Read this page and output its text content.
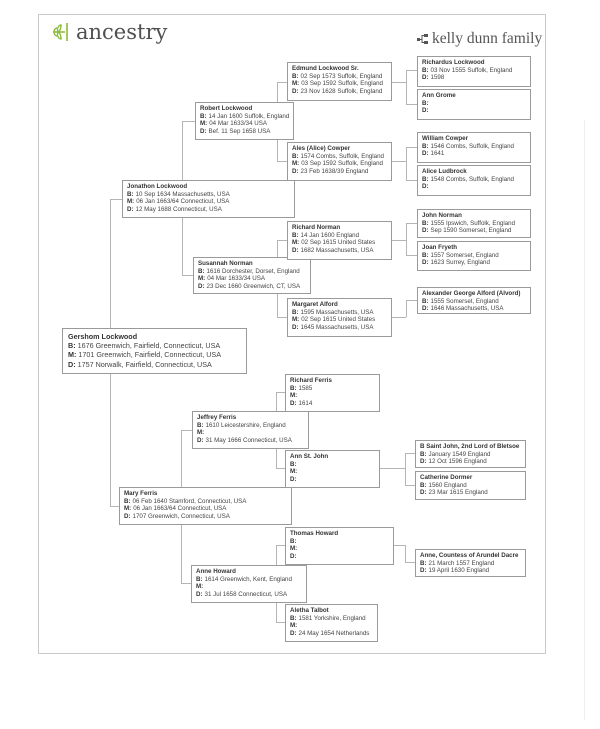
ancestry	kelly dunn family
Gershom Lockwood
B: 1676 Greenwich, Fairfield, Connecticut, USA
M: 1701 Greenwich, Fairfield, Connecticut, USA
D: 1757 Norwalk, Fairfield, Connecticut, USA
Jonathon Lockwood
B: 10 Sep 1634 Massachusetts, USA
M: 06 Jan 1663/64 Connecticut, USA
D: 12 May 1688 Connecticut, USA
Mary Ferris
B: 06 Feb 1640 Stamford, Connecticut, USA
M: 06 Jan 1663/64 Connecticut, USA
D: 1707 Greenwich, Connecticut, USA
Robert Lockwood
B: 14 Jan 1600 Suffolk, England
M: 04 Mar 1633/34 USA
D: Bef. 11 Sep 1658 USA
Susannah Norman
B: 1616 Dorchester, Dorset, England
M: 04 Mar 1633/34 USA
D: 23 Dec 1660 Greenwich, CT, USA
Jeffrey Ferris
B: 1610 Leicestershire, England
M:
D: 31 May 1666 Connecticut, USA
Anne Howard
B: 1614 Greenwich, Kent, England
M:
D: 31 Jul 1658 Connecticut, USA
Edmund Lockwood Sr.
B: 02 Sep 1573 Suffolk, England
M: 03 Sep 1592 Suffolk, England
D: 23 Nov 1628 Suffolk, England
Ales (Alice) Cowper
B: 1574 Combs, Suffolk, England
M: 03 Sep 1592 Suffolk, England
D: 23 Feb 1638/39 England
Richard Norman
B: 14 Jan 1600 England
M: 02 Sep 1615 United States
D: 1682 Massachusetts, USA
Margaret Alford
B: 1595 Massachusetts, USA
M: 02 Sep 1615 United States
D: 1645 Massachusetts, USA
Richard Ferris
B: 1585
M:
D: 1614
Ann St. John
B:
M:
D:
Thomas Howard
B:
M:
D:
Aletha Talbot
B: 1581 Yorkshire, England
M:
D: 24 May 1654 Netherlands
Richardus Lockwood
B: 03 Nov 1555 Suffolk, England
D: 1598
Ann Grome
B:
D:
William Cowper
B: 1546 Combs, Suffolk, England
D: 1641
Alice Ludbrock
B: 1548 Combs, Suffolk, England
D:
John Norman
B: 1555 Ipswich, Suffolk, England
D: Sep 1590 Somerset, England
Joan Fryeth
B: 1557 Somerset, England
D: 1623 Surrey, England
Alexander George Alford (Alvord)
B: 1555 Somerset, England
D: 1646 Massachusetts, USA
B Saint John, 2nd Lord of Bletsoe
B: January 1549 England
D: 12 Oct 1596 England
Catherine Dormer
B: 1560 England
D: 23 Mar 1615 England
Anne, Countess of Arundel Dacre
B: 21 March 1557 England
D: 19 April 1630 England
